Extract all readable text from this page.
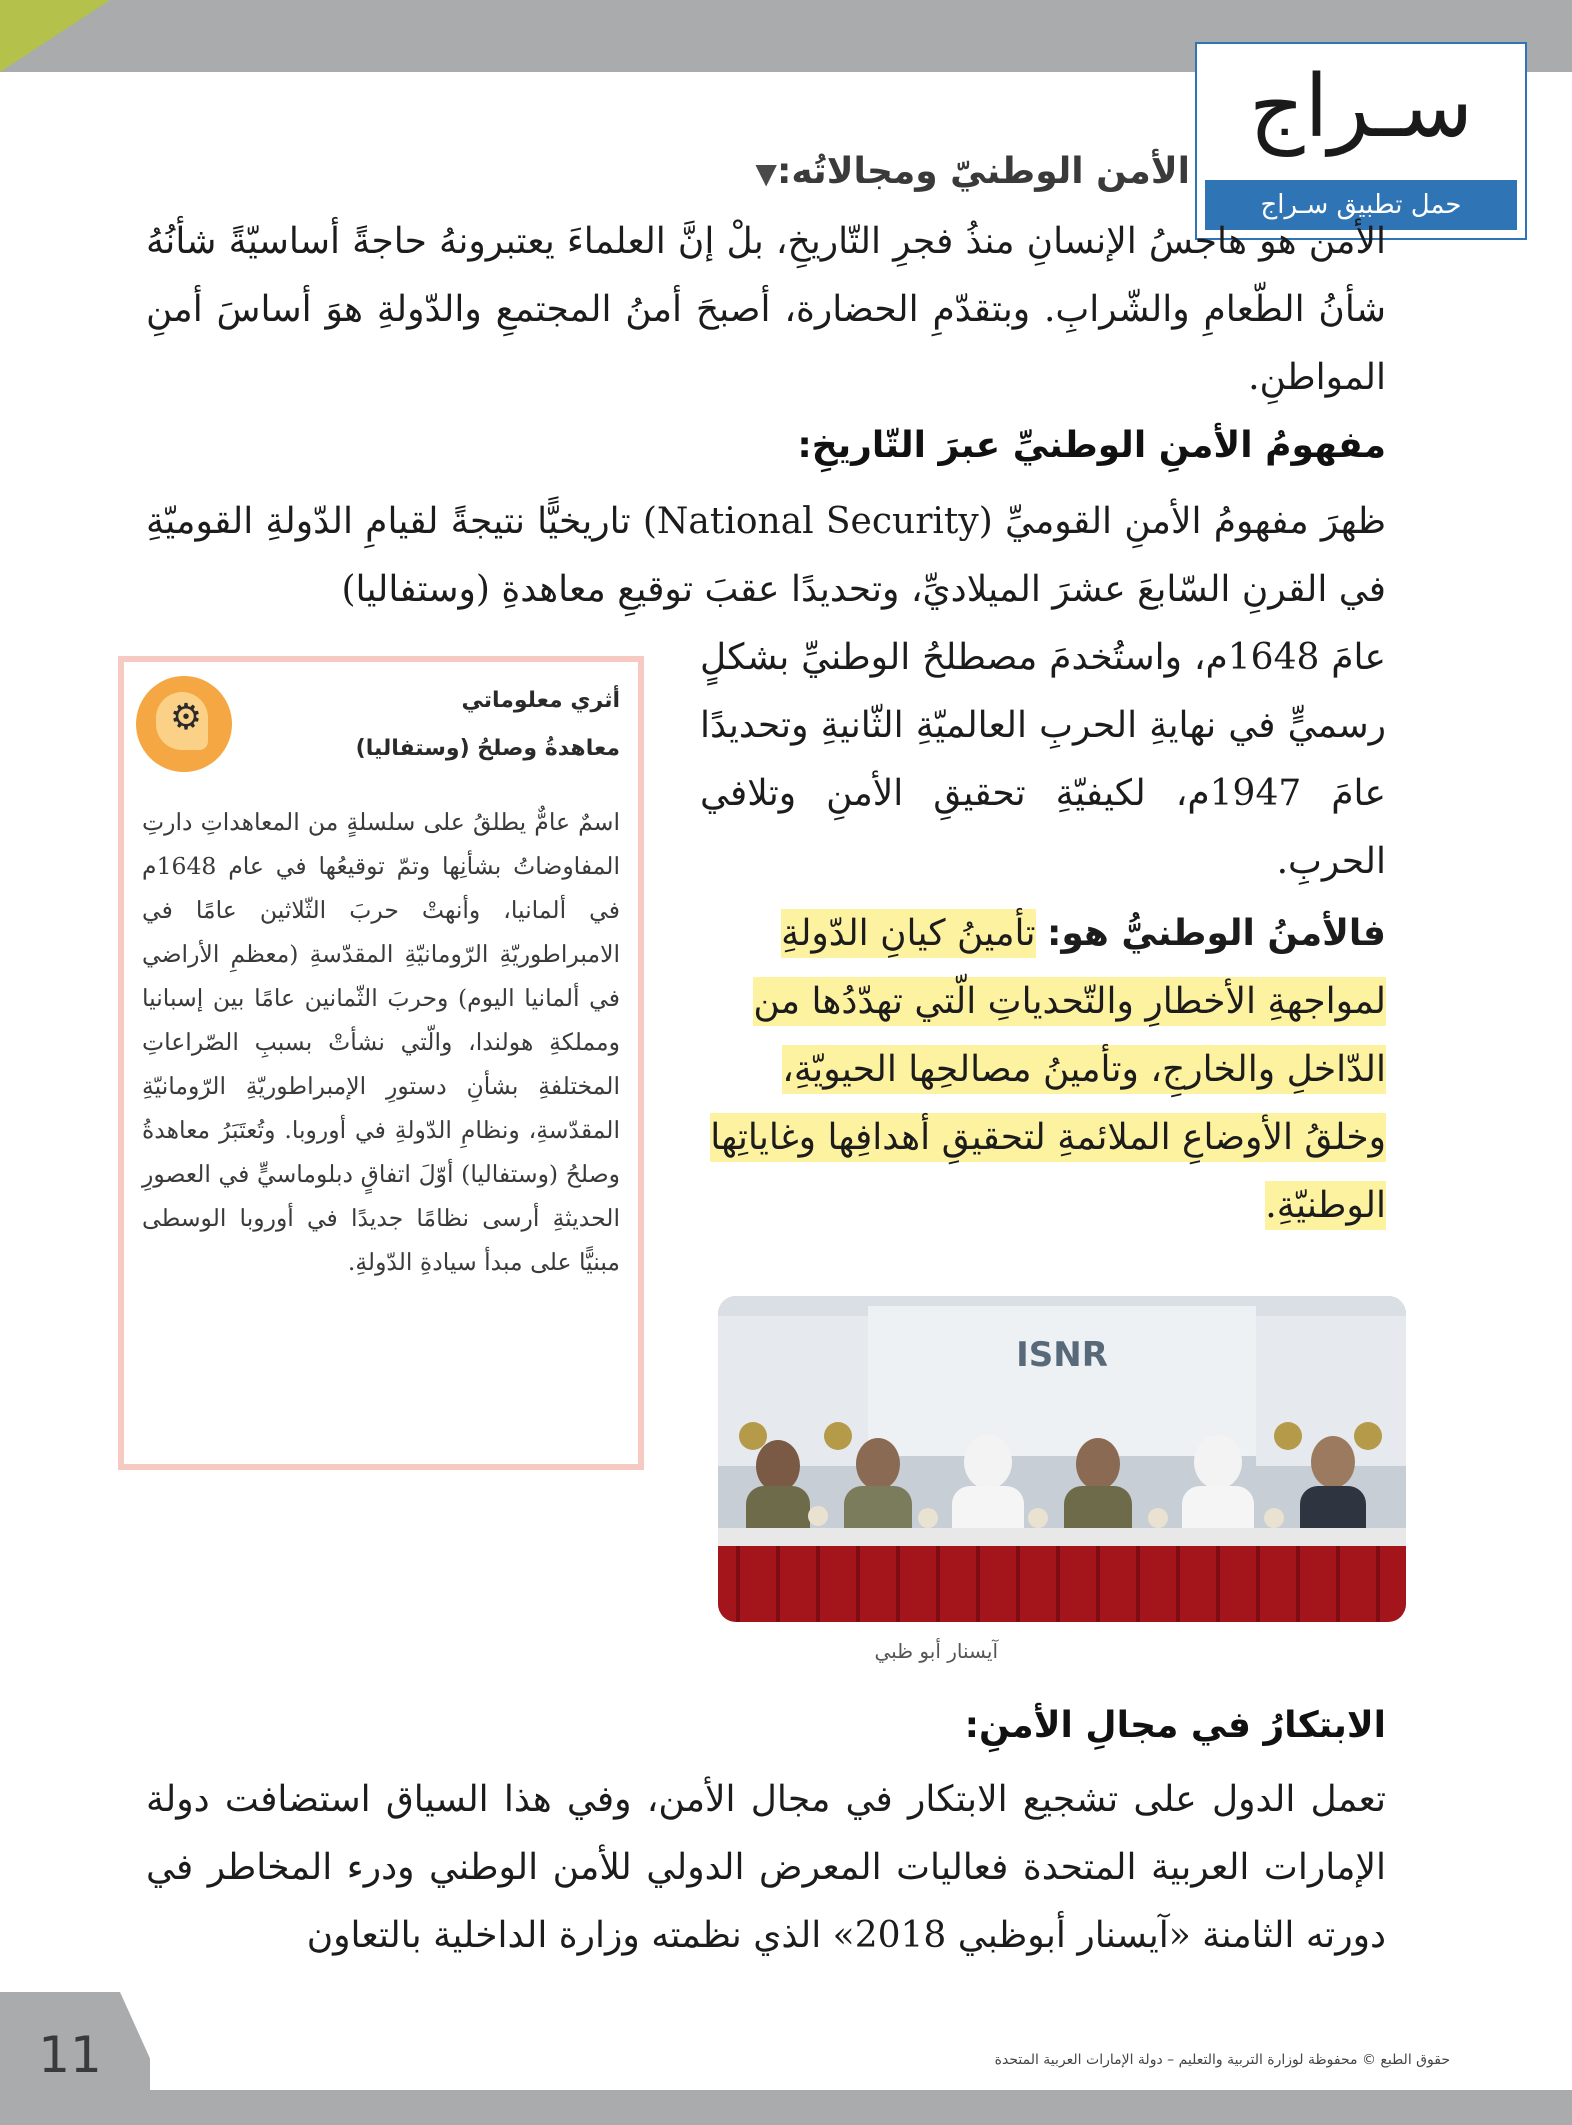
سـراج
حمل تطبيق سـراج
الأمن الوطنيّ ومجالاتُه:▼

الأمن هو هاجسُ الإنسانِ منذُ فجرِ التّاريخِ، بلْ إنَّ العلماءَ يعتبرونهُ حاجةً أساسيّةً شأنُهُ شأنُ الطّعامِ والشّرابِ. وبتقدّمِ الحضارة، أصبحَ أمنُ المجتمعِ والدّولةِ هوَ أساسَ أمنِ المواطنِ.

مفهومُ الأمنِ الوطنيِّ عبرَ التّاريخِ:

ظهرَ مفهومُ الأمنِ القوميِّ (National Security) تاريخيًّا نتيجةً لقيامِ الدّولةِ القوميّةِ في القرنِ السّابعَ عشرَ الميلاديِّ، وتحديدًا عقبَ توقيعِ معاهدةِ (وستفاليا)

عامَ 1648م، واستُخدمَ مصطلحُ الوطنيِّ بشكلٍ رسميٍّ في نهايةِ الحربِ العالميّةِ الثّانيةِ وتحديدًا عامَ 1947م، لكيفيّةِ تحقيقِ الأمنِ وتلافي الحربِ.

فالأمنُ الوطنيُّ هو: تأمينُ كيانِ الدّولةِ لمواجهةِ الأخطارِ والتّحدياتِ الّتي تهدّدُها من الدّاخلِ والخارجِ، وتأمينُ مصالحِها الحيويّةِ، وخلقُ الأوضاعِ الملائمةِ لتحقيقِ أهدافِها وغاياتِها الوطنيّةِ.

⚙	أثري معلوماتي
معاهدةُ وصلحُ (وستفاليا)

اسمٌ عامٌّ يطلقُ على سلسلةٍ من المعاهداتِ دارتِ المفاوضاتُ بشأنِها وتمّ توقيعُها في عام 1648م في ألمانيا، وأنهتْ حربَ الثّلاثين عامًا في الامبراطوريّةِ الرّومانيّةِ المقدّسةِ (معظمِ الأراضي في ألمانيا اليوم) وحربَ الثّمانين عامًا بين إسبانيا ومملكةِ هولندا، والّتي نشأتْ بسببِ الصّراعاتِ المختلفةِ بشأنِ دستورِ الإمبراطوريّةِ الرّومانيّةِ المقدّسةِ، ونظامِ الدّولةِ في أوروبا. وتُعتَبَرُ معاهدةُ وصلحُ (وستفاليا) أوّلَ اتفاقٍ دبلوماسيٍّ في العصورِ الحديثةِ أرسى نظامًا جديدًا في أوروبا الوسطى مبنيًّا على مبدأ سيادةِ الدّولةِ.

ISNR
آيسنار أبو ظبي
الابتكارُ في مجالِ الأمنِ:

تعمل الدول على تشجيع الابتكار في مجال الأمن، وفي هذا السياق استضافت دولة الإمارات العربية المتحدة فعاليات المعرض الدولي للأمن الوطني ودرء المخاطر في دورته الثامنة «آيسنار أبوظبي 2018» الذي نظمته وزارة الداخلية بالتعاون

11	حقوق الطبع © محفوظة لوزارة التربية والتعليم – دولة الإمارات العربية المتحدة
